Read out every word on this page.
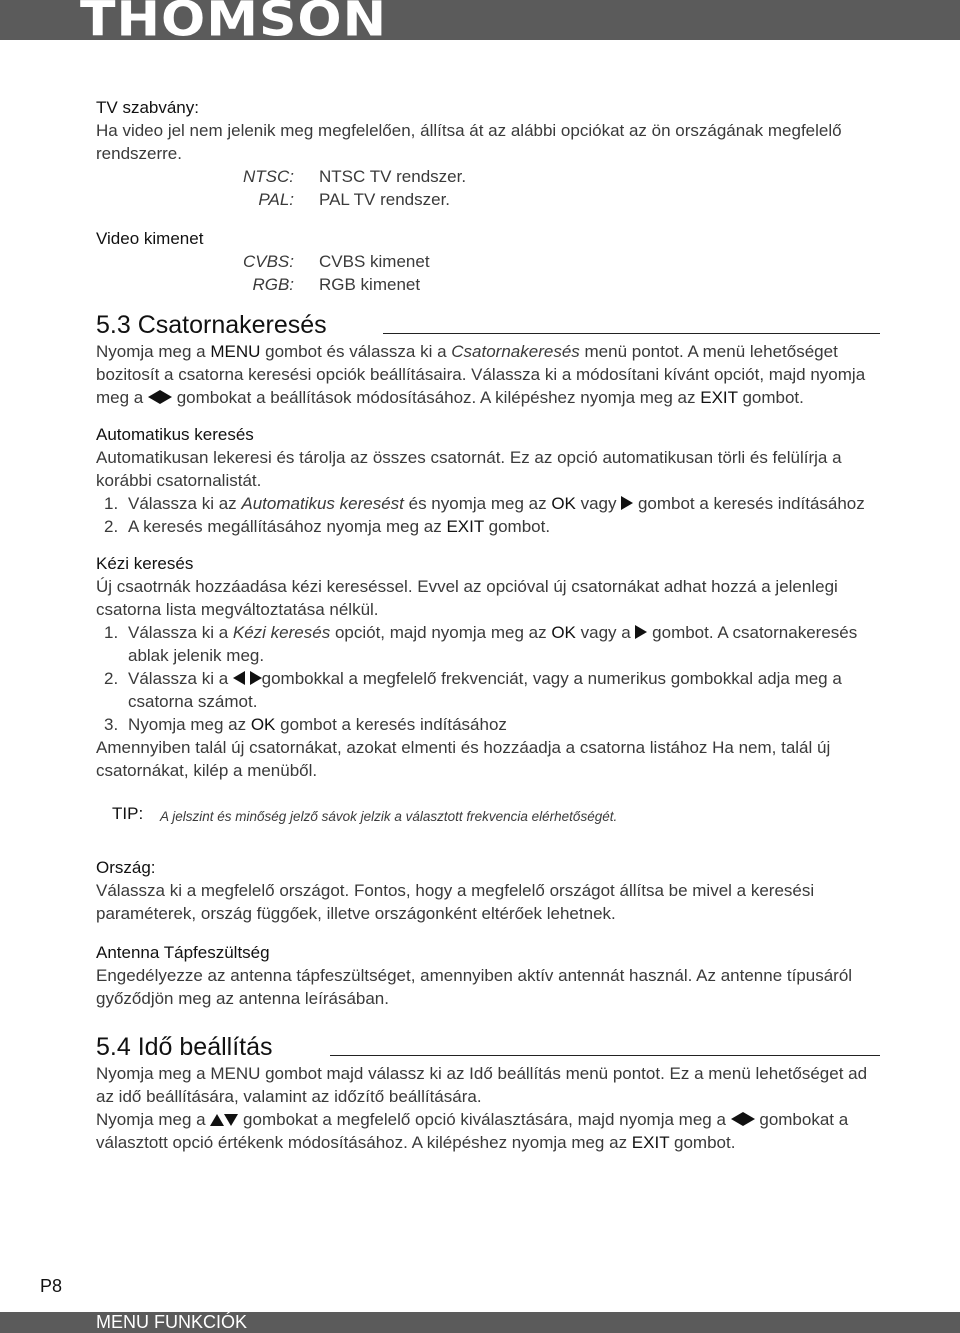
THOMSON

TV szabvány:

Ha video jel nem jelenik meg megfelelően, állítsa át az alábbi opciókat az ön országának megfelelő rendszerre.

NTSC: NTSC TV rendszer.
PAL: PAL TV rendszer.

Video kimenet

CVBS: CVBS kimenet
RGB: RGB kimenet

5.3 Csatornakeresés

Nyomja meg a MENU gombot és válassza ki a Csatornakeresés menü pontot. A menü lehetőséget bozitosít a csatorna keresési opciók beállításaira. Válassza ki a módosítani kívánt opciót, majd nyomja meg a  gombokat a beállítások módosításához. A kilépéshez nyomja meg az EXIT gombot.

Automatikus keresés

Automatikusan lekeresi és tárolja az összes csatornát. Ez az opció automatikusan törli és felülírja a korábbi csatornalistát.

1. Válassza ki az Automatikus keresést és nyomja meg az OK vagy  gombot a keresés indításához
2. A keresés megállításához nyomja meg az EXIT gombot.

Kézi keresés

Új csaotrnák hozzáadása kézi kereséssel. Evvel az opcióval új csatornákat adhat hozzá a jelenlegi csatorna lista megváltoztatása nélkül.

1. Válassza ki a Kézi keresés opciót, majd nyomja meg az OK vagy a  gombot. A csatornakeresés ablak jelenik meg.
2. Válassza ki a  gombokkal a megfelelő frekvenciát, vagy a numerikus gombokkal adja meg a csatorna számot.
3. Nyomja meg az OK gombot a keresés indításához

Amennyiben talál új csatornákat, azokat elmenti és hozzáadja a csatorna listához Ha nem, talál új csatornákat, kilép a menüből.

TIP: A jelszint és minőség jelző sávok jelzik a választott frekvencia elérhetőségét.

Ország:

Válassza ki a megfelelő országot. Fontos, hogy a megfelelő országot állítsa be mivel a keresési paraméterek, ország függőek, illetve országonként eltérőek lehetnek.

Antenna Tápfeszültség

Engedélyezze az antenna tápfeszültséget, amennyiben aktív antennát használ. Az antenne típusáról győződjön meg az antenna leírásában.

5.4 Idő beállítás

Nyomja meg a MENU gombot majd válassz ki az Idő beállítás menü pontot. Ez a menü lehetőséget ad az idő beállítására, valamint az időzítő beállítására.

Nyomja meg a  gombokat a megfelelő opció kiválasztására, majd nyomja meg a  gombokat a választott opció értékenk módosításához. A kilépéshez nyomja meg az EXIT gombot.

P8
MENU FUNKCIÓK
